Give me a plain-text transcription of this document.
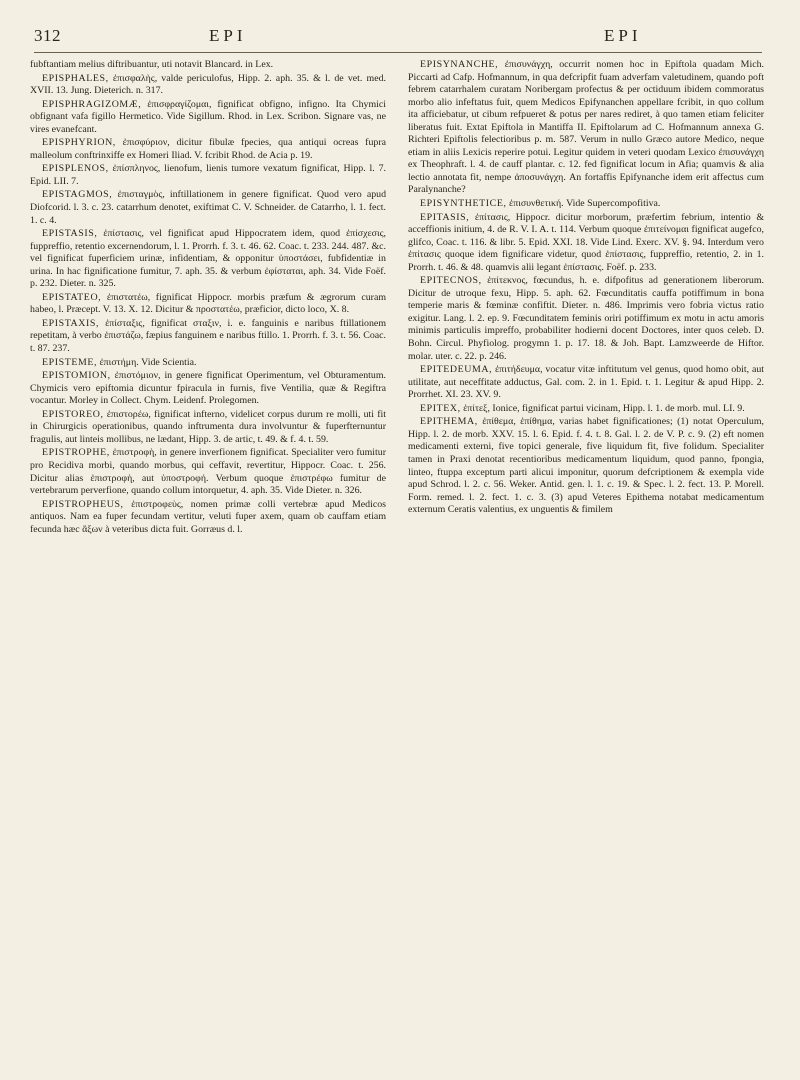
312	EPI	EPI

fubftantiam melius diftribuantur, uti notavit Blancard. in Lex.

EPISPHALES, ἐπισφαλὴς, valde periculofus, Hipp. 2. aph. 35. & l. de vet. med. XVII. 13. Jung. Dieterich. n. 317.

EPISPHRAGIZOMÆ, ἐπισφραγίζομαι, fignificat obfigno, infigno. Ita Chymici obfignant vafa figillo Hermetico. Vide Sigillum. Rhod. in Lex. Scribon. Signare vas, ne vires evanefcant.

EPISPHYRION, ἐπισφύριον, dicitur fibulæ fpecies, qua antiqui ocreas fupra malleolum conftrinxiffe ex Homeri Iliad. V. fcribit Rhod. de Acia p. 19.

EPISPLENOS, ἐπίσπληνος, lienofum, lienis tumore vexatum fignificat, Hipp. l. 7. Epid. LII. 7.

EPISTAGMOS, ἐπισταγμὸς, inftillationem in genere fignificat. Quod vero apud Diofcorid. l. 3. c. 23. catarrhum denotet, exiftimat C. V. Schneider. de Catarrho, l. 1. fect. 1. c. 4.

EPISTASIS, ἐπίστασις, vel fignificat apud Hippocratem idem, quod ἐπίσχεσις, fuppreffio, retentio excernendorum, l. 1. Prorrh. f. 3. t. 46. 62. Coac. t. 233. 244. 487. &c. vel fignificat fuperficiem urinæ, infidentiam, & opponitur ὑποστάσει, fubfidentiæ in urina. In hac fignificatione fumitur, 7. aph. 35. & verbum ἐφίσταται, aph. 34. Vide Foëf. p. 232. Dieter. n. 325.

EPISTATEO, ἐπιστατέω, fignificat Hippocr. morbis præfum & ægrorum curam habeo, l. Præcept. V. 13. X. 12. Dicitur & προστατέω, præficior, dicto loco, X. 8.

EPISTAXIS, ἐπίσταξις, fignificat σταξιν, i. e. fanguinis e naribus ftillationem repetitam, à verbo ἐπιστάζω, fæpius fanguinem e naribus ftillo. 1. Prorrh. f. 3. t. 56. Coac. t. 87. 237.

EPISTEME, ἐπιστήμη. Vide Scientia.

EPISTOMION, ἐπιστόμιον, in genere fignificat Operimentum, vel Obturamentum. Chymicis vero epiftomia dicuntur fpiracula in furnis, five Ventilia, quæ & Regiftra vocantur. Morley in Collect. Chym. Leidenf. Prolegomen.

EPISTOREO, ἐπιστορέω, fignificat infterno, videlicet corpus durum re molli, uti fit in Chirurgicis operationibus, quando inftrumenta dura involvuntur & fuperfternuntur fragulis, aut linteis mollibus, ne lædant, Hipp. 3. de artic, t. 49. & f. 4. t. 59.

EPISTROPHE, ἐπιστροφὴ, in genere inverfionem fignificat. Specialiter vero fumitur pro Recidiva morbi, quando morbus, qui ceffavit, revertitur, Hippocr. Coac. t. 256. Dicitur alias ἐπιστροφὴ, aut ὑποστροφή. Verbum quoque ἐπιστρέφω fumitur de vertebrarum perverfione, quando collum intorquetur, 4. aph. 35. Vide Dieter. n. 326.

EPISTROPHEUS, ἐπιστροφεὺς, nomen primæ colli vertebræ apud Medicos antiquos. Nam ea fuper fecundam vertitur, veluti fuper axem, quam ob cauffam etiam fecunda hæc ἄξων à veteribus dicta fuit. Gorræus d. l.

EPISYNANCHE, ἐπισυνάγχη, occurrit nomen hoc in Epiftola quadam Mich. Piccarti ad Cafp. Hofmannum, in qua defcripfit fuam adverfam valetudinem, quando poft febrem catarrhalem curatam Noribergam profectus & per octiduum ibidem commoratus morbo alio infeftatus fuit, quem Medicos Epifynanchen appellare fcribit, in quo collum ita afficiebatur, ut cibum refpueret & potus per nares rediret, à quo tamen etiam feliciter liberatus fuit. Extat Epiftola in Mantiffa II. Epiftolarum ad C. Hofmannum annexa G. Richteri Epiftolis felectioribus p. m. 587. Verum in nullo Græco autore Medico, neque etiam in aliis Lexicis reperire potui. Legitur quidem in veteri quodam Lexico ἐπισυνάγχη ex Theophraft. l. 4. de cauff plantar. c. 12. fed fignificat locum in Afia; quamvis & alia lectio annotata fit, nempe ἀποσυνάγχη. An fortaffis Epifynanche idem erit affectus cum Paralynanche?

EPISYNTHETICE, ἐπισυνθετική. Vide Supercompofitiva.

EPITASIS, ἐπίτασις, Hippocr. dicitur morborum, præfertim febrium, intentio & acceffionis initium, 4. de R. V. I. A. t. 114. Verbum quoque ἐπιτείνομαι fignificat augefco, glifco, Coac. t. 116. & libr. 5. Epid. XXI. 18. Vide Lind. Exerc. XV. §. 94. Interdum vero ἐπίτασις quoque idem fignificare videtur, quod ἐπίστασις, fuppreffio, retentio, 2. in 1. Prorrh. t. 46. & 48. quamvis alii legant ἐπίστασις. Foëf. p. 233.

EPITECNOS, ἐπίτεκνος, fœcundus, h. e. difpofitus ad generationem liberorum. Dicitur de utroque fexu, Hipp. 5. aph. 62. Fœcunditatis cauffa potiffimum in bona temperie maris & fœminæ confiftit. Dieter. n. 486. Imprimis vero fobria victus ratio exigitur. Lang. l. 2. ep. 9. Fœcunditatem feminis oriri potiffimum ex motu in actu amoris minimis particulis impreffo, probabiliter hodierni docent Doctores, inter quos celeb. D. Bohn. Circul. Phyfiolog. progymn 1. p. 17. 18. & Joh. Bapt. Lamzweerde de Hiftor. molar. uter. c. 22. p. 246.

EPITEDEUMA, ἐπιτήδευμα, vocatur vitæ inftitutum vel genus, quod homo obit, aut utilitate, aut neceffitate adductus, Gal. com. 2. in 1. Epid. t. 1. Legitur & apud Hipp. 2. Prorrhet. XI. 23. XV. 9.

EPITEX, ἐπίτεξ, Ionice, fignificat partui vicinam, Hipp. l. 1. de morb. mul. LI. 9.

EPITHEMA, ἐπίθεμα, ἐπίθημα, varias habet fignificationes; (1) notat Operculum, Hipp. l. 2. de morb. XXV. 15. l. 6. Epid. f. 4. t. 8. Gal. l. 2. de V. P. c. 9. (2) eft nomen medicamenti externi, five topici generale, five liquidum fit, five folidum. Specialiter tamen in Praxi denotat recentioribus medicamentum liquidum, quod panno, fpongia, linteo, ftuppa exceptum parti alicui imponitur, quorum defcriptionem & exempla vide apud Schrod. l. 2. c. 56. Weker. Antid. gen. l. 1. c. 19. & Spec. l. 2. fect. 13. P. Morell. Form. remed. l. 2. fect. 1. c. 3. (3) apud Veteres Epithema notabat medicamentum externum Ceratis valentius, ex unguentis & fimilem
